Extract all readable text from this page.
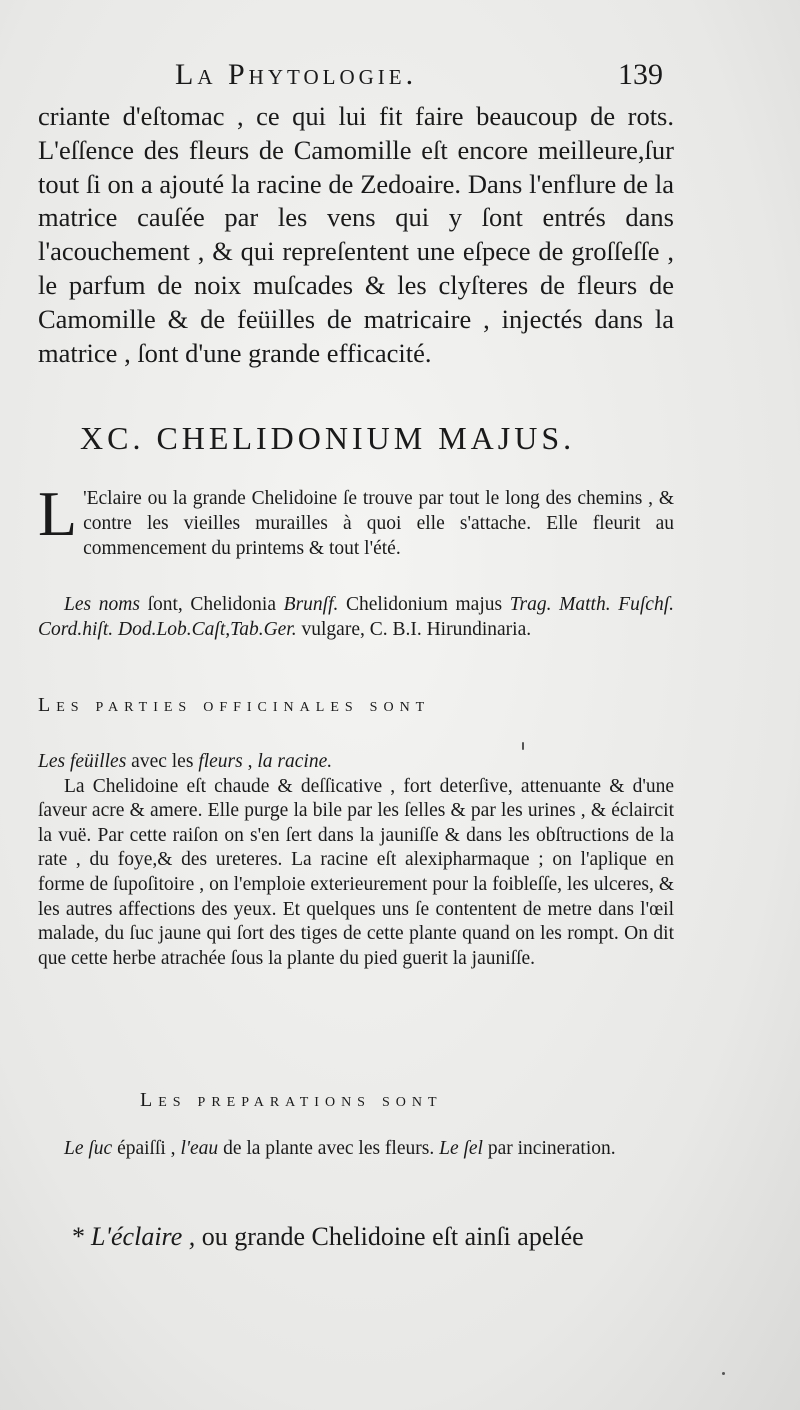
La Phytologie.	139

criante d'eſtomac , ce qui lui fit faire beaucoup de rots. L'eſſence des fleurs de Camomille eſt encore meilleure,ſur tout ſi on a ajouté la racine de Zedoaire. Dans l'enflure de la matrice cauſée par les vens qui y ſont entrés dans l'acouchement , & qui repreſentent une eſpece de groſſeſſe , le parfum de noix muſcades & les clyſteres de fleurs de Camomille & de feüilles de matricaire , injectés dans la matrice , ſont d'une grande efficacité.

XC. CHELIDONIUM MAJUS.

L 'Eclaire ou la grande Chelidoine ſe trouve par tout le long des chemins , & contre les vieilles murailles à quoi elle s'attache. Elle fleurit au commencement du printems & tout l'été.

Les noms ſont, Chelidonia Brunſf. Chelidonium majus Trag. Matth. Fuſchſ. Cord.hiſt. Dod.Lob.Caſt,Tab.Ger. vulgare, C. B.I. Hirundinaria.

Les parties officinales sont
Les feüilles avec les fleurs , la racine.
La Chelidoine eſt chaude & deſſicative , fort deterſive, attenuante & d'une ſaveur acre & amere. Elle purge la bile par les ſelles & par les urines , & éclaircit la vuë. Par cette raiſon on s'en ſert dans la jauniſſe & dans les obſtructions de la rate , du foye,& des ureteres. La racine eſt alexipharmaque ; on l'aplique en forme de ſupoſitoire , on l'emploie exterieurement pour la foibleſſe, les ulceres, & les autres affections des yeux. Et quelques uns ſe contentent de metre dans l'œil malade, du ſuc jaune qui ſort des tiges de cette plante quand on les rompt. On dit que cette herbe atrachée ſous la plante du pied guerit la jauniſſe.
Les preparations sont

Le ſuc épaiſſi , l'eau de la plante avec les fleurs. Le ſel par incineration.

* L'éclaire , ou grande Chelidoine eſt ainſi apelée
